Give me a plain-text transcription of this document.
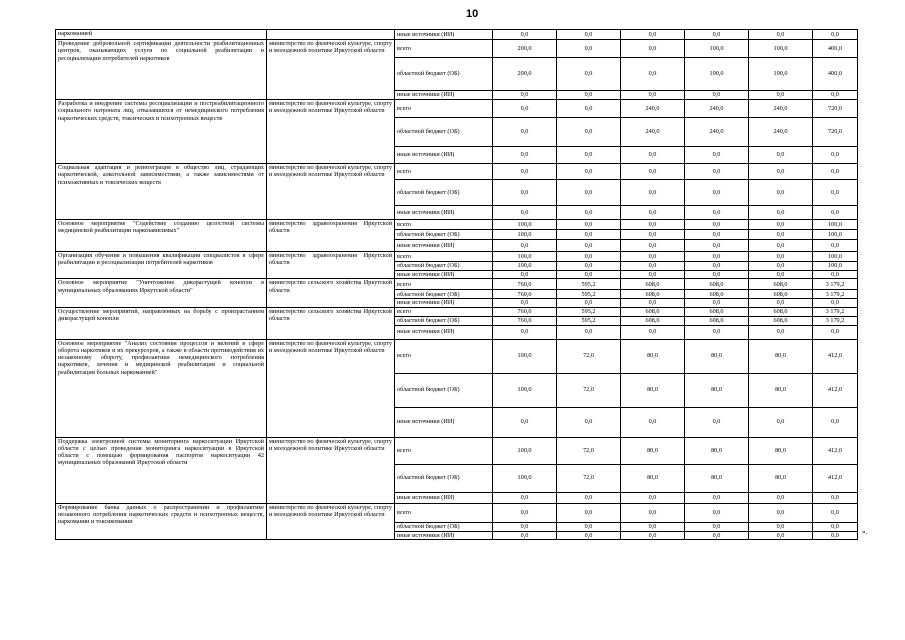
10
наркоманией		иные источники (ИИ)	0,0	0,0	0,0	0,0	0,0	0,0
Проведение добровольной сертификации деятельности реабилитационных центров, оказывающих услуги по социальной реабилитации и ресоциализации потребителей наркотиков	министерство по физической культуре, спорту и молодежной политике Иркутской области	всего	200,0	0,0	0,0	100,0	100,0	400,0
		областной бюджет (ОБ)	200,0	0,0	0,0	100,0	100,0	400,0
		иные источники (ИИ)	0,0	0,0	0,0	0,0	0,0	0,0
Разработка и внедрение системы ресоциализации и постреабилитационного социального патроната лиц, отказавшихся от немедицинского потребления наркотических средств, токсических и психотропных веществ	министерство по физической культуре, спорту и молодежной политике Иркутской области	всего	0,0	0,0	240,0	240,0	240,0	720,0
		областной бюджет (ОБ)	0,0	0,0	240,0	240,0	240,0	720,0
		иные источники (ИИ)	0,0	0,0	0,0	0,0	0,0	0,0
Социальная адаптация и реинтеграция в общество лиц, страдающих наркотической, алкогольной зависимостями, а также зависимостями от психоактивных и токсических веществ	министерство по физической культуре, спорту и молодежной политике Иркутской области	всего	0,0	0,0	0,0	0,0	0,0	0,0
		областной бюджет (ОБ)	0,0	0,0	0,0	0,0	0,0	0,0
		иные источники (ИИ)	0,0	0,0	0,0	0,0	0,0	0,0
Основное мероприятие "Содействие созданию целостной системы медицинской реабилитации наркозависимых"	министерство здравоохранения Иркутской области	всего	100,0	0,0	0,0	0,0	0,0	100,0
		областной бюджет (ОБ)	100,0	0,0	0,0	0,0	0,0	100,0
		иные источники (ИИ)	0,0	0,0	0,0	0,0	0,0	0,0
Организация обучения и повышения квалификации специалистов в сфере реабилитации и ресоциализации потребителей наркотиков	министерство здравоохранения Иркутской области	всего	100,0	0,0	0,0	0,0	0,0	100,0
		областной бюджет (ОБ)	100,0	0,0	0,0	0,0	0,0	100,0
		иные источники (ИИ)	0,0	0,0	0,0	0,0	0,0	0,0
Основное мероприятие "Уничтожение дикорастущей конопли в муниципальных образованиях Иркутской области"	министерство сельского хозяйства Иркутской области	всего	760,0	595,2	608,0	608,0	608,0	3 179,2
		областной бюджет (ОБ)	760,0	595,2	608,0	608,0	608,0	3 179,2
		иные источники (ИИ)	0,0	0,0	0,0	0,0	0,0	0,0
Осуществление мероприятий, направленных на борьбу с произрастанием дикорастущей конопли	министерство сельского хозяйства Иркутской области	всего	760,0	595,2	608,0	608,0	608,0	3 179,2
		областной бюджет (ОБ)	760,0	595,2	608,0	608,0	608,0	3 179,2
		иные источники (ИИ)	0,0	0,0	0,0	0,0	0,0	0,0
Основное мероприятие "Анализ состояния процессов и явлений в сфере оборота наркотиков и их прекурсоров, а также в области противодействия их незаконному обороту, профилактики немедицинского потребления наркотиков, лечения и медицинской реабилитации и социальной реабилитации больных наркоманией"	министерство по физической культуре, спорту и молодежной политике Иркутской области	всего	100,0	72,0	80,0	80,0	80,0	412,0
		областной бюджет (ОБ)	100,0	72,0	80,0	80,0	80,0	412,0
		иные источники (ИИ)	0,0	0,0	0,0	0,0	0,0	0,0
Поддержка электронной системы мониторинга наркоситуации Иркутской области с целью проведения мониторинга наркоситуации в Иркутской области с помощью формирования паспортов наркоситуации 42 муниципальных образований Иркутской области	министерство по физической культуре, спорту и молодежной политике Иркутской области	всего	100,0	72,0	80,0	80,0	80,0	412,0
		областной бюджет (ОБ)	100,0	72,0	80,0	80,0	80,0	412,0
		иные источники (ИИ)	0,0	0,0	0,0	0,0	0,0	0,0
Формирование банка данных о распространении и профилактике незаконного потребления наркотических средств и психотропных веществ, наркомании и токсикомании	министерство по физической культуре, спорту и молодежной политике Иркутской области	всего	0,0	0,0	0,0	0,0	0,0	0,0
		областной бюджет (ОБ)	0,0	0,0	0,0	0,0	0,0	0,0
		иные источники (ИИ)	0,0	0,0	0,0	0,0	0,0	0,0	».
